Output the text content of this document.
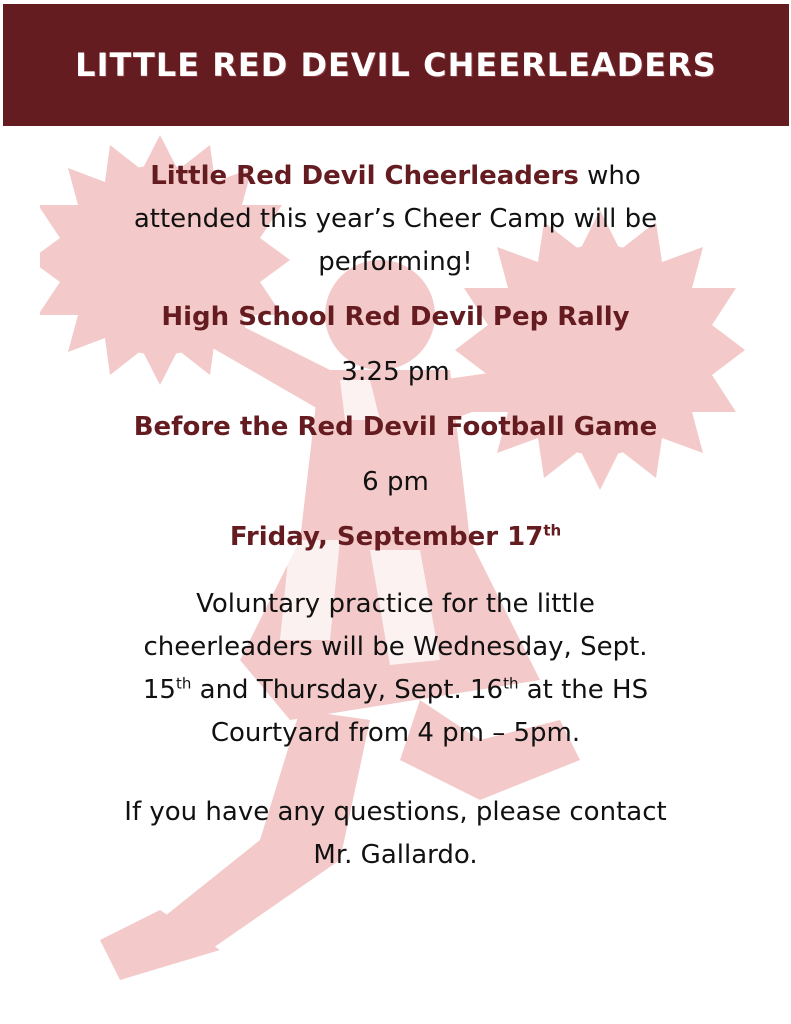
LITTLE RED DEVIL CHEERLEADERS

Little Red Devil Cheerleaders who

attended this year’s Cheer Camp will be

performing!

High School Red Devil Pep Rally

3:25 pm

Before the Red Devil Football Game

6 pm

Friday, September 17th

Voluntary practice for the little

cheerleaders will be Wednesday, Sept.

15th and Thursday, Sept. 16th at the HS

Courtyard from 4 pm – 5pm.

If you have any questions, please contact

Mr. Gallardo.
